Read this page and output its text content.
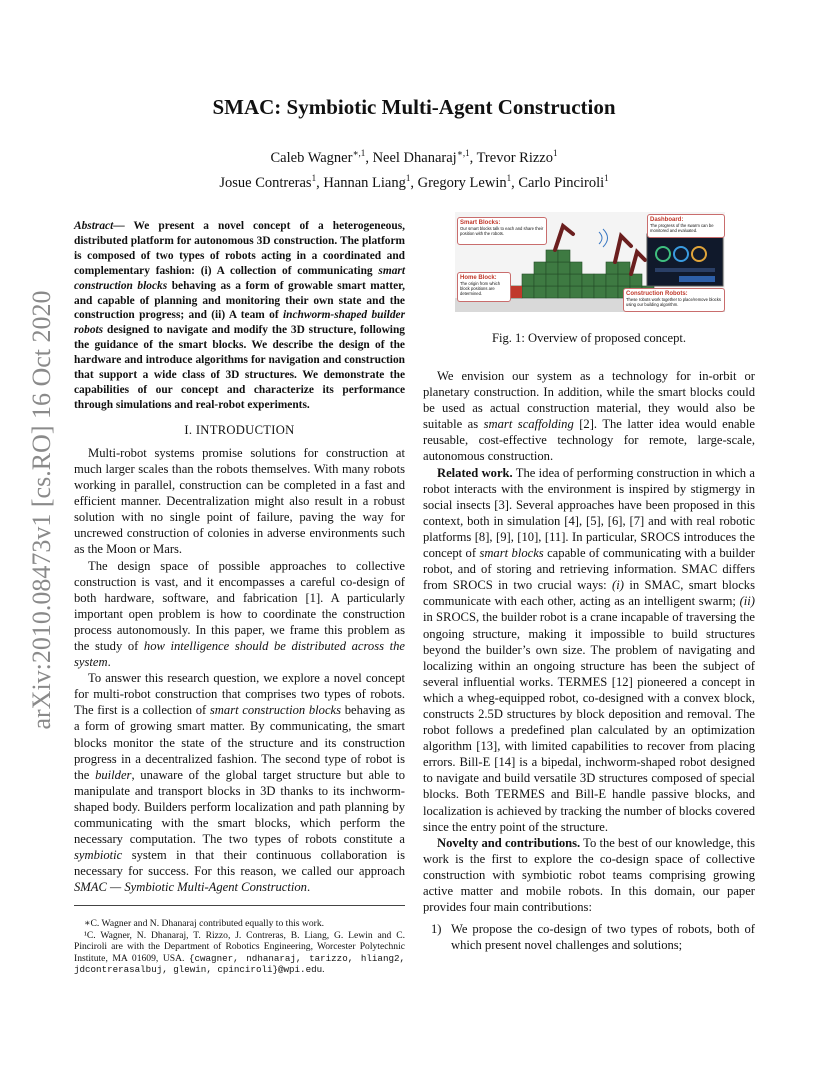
arXiv:2010.08473v1 [cs.RO] 16 Oct 2020
SMAC: Symbiotic Multi-Agent Construction
Caleb Wagner$^{∗,1}$, Neel Dhanaraj$^{∗,1}$, Trevor Rizzo$^1$
Josue Contreras$^1$, Hannan Liang$^1$, Gregory Lewin$^1$, Carlo Pinciroli$^1$
Abstract— We present a novel concept of a heterogeneous, distributed platform for autonomous 3D construction. The platform is composed of two types of robots acting in a coordinated and complementary fashion: (i) A collection of communicating smart construction blocks behaving as a form of growable smart matter, and capable of planning and monitoring their own state and the construction progress; and (ii) A team of inchworm-shaped builder robots designed to navigate and modify the 3D structure, following the guidance of the smart blocks. We describe the design of the hardware and introduce algorithms for navigation and construction that support a wide class of 3D structures. We demonstrate the capabilities of our concept and characterize its performance through simulations and real-robot experiments.
I. INTRODUCTION

Multi-robot systems promise solutions for construction at much larger scales than the robots themselves. With many robots working in parallel, construction can be completed in a fast and efficient manner. Decentralization might also result in a robust solution with no single point of failure, paving the way for uncrewed construction of colonies in adverse environments such as the Moon or Mars.

The design space of possible approaches to collective construction is vast, and it encompasses a careful co-design of both hardware, software, and fabrication [1]. A particularly important open problem is how to coordinate the construction process autonomously. In this paper, we frame this problem as the study of how intelligence should be distributed across the system.

To answer this research question, we explore a novel concept for multi-robot construction that comprises two types of robots. The first is a collection of smart construction blocks behaving as a form of growing smart matter. By communicating, the smart blocks monitor the state of the structure and its construction progress in a decentralized fashion. The second type of robot is the builder, unaware of the global target structure but able to manipulate and transport blocks in 3D thanks to its inchworm-shaped body. Builders perform localization and path planning by communicating with the smart blocks, which perform the necessary computation. The two types of robots constitute a symbiotic system in that their continuous collaboration is necessary for success. For this reason, we called our approach SMAC — Symbiotic Multi-Agent Construction.

∗C. Wagner and N. Dhanaraj contributed equally to this work.

¹C. Wagner, N. Dhanaraj, T. Rizzo, J. Contreras, B. Liang, G. Lewin and C. Pinciroli are with the Department of Robotics Engineering, Worcester Polytechnic Institute, MA 01609, USA. {cwagner, ndhanaraj, tarizzo, hliang2, jdcontrerasalbuj, glewin, cpinciroli}@wpi.edu.

Smart Blocks:
Our smart blocks talk to each and share their position with the robots.
Dashboard:
The progress of the swarm can be monitored and evaluated.
Home Block:
The origin from which block positions are determined.	Construction Robots:
These robots work together to place/remove blocks using our building algorithm.
Fig. 1: Overview of proposed concept.

We envision our system as a technology for in-orbit or planetary construction. In addition, while the smart blocks could be used as actual construction material, they would also be suitable as smart scaffolding [2]. The latter idea would enable reusable, cost-effective technology for remote, large-scale, autonomous construction.

Related work. The idea of performing construction in which a robot interacts with the environment is inspired by stigmergy in social insects [3]. Several approaches have been proposed in this context, both in simulation [4], [5], [6], [7] and with real robotic platforms [8], [9], [10], [11]. In particular, SROCS introduces the concept of smart blocks capable of communicating with a builder robot, and of storing and retrieving information. SMAC differs from SROCS in two crucial ways: (i) in SMAC, smart blocks communicate with each other, acting as an intelligent swarm; (ii) in SROCS, the builder robot is a crane incapable of traversing the ongoing structure, making it impossible to build structures beyond the builder’s own size. The problem of navigating and localizing within an ongoing structure has been the subject of several influential works. TERMES [12] pioneered a concept in which a wheg-equipped robot, co-designed with a convex block, constructs 2.5D structures by block deposition and removal. The robot follows a predefined plan calculated by an optimization algorithm [13], with limited capabilities to recover from placing errors. Bill-E [14] is a bipedal, inchworm-shaped robot designed to navigate and build versatile 3D structures composed of special blocks. Both TERMES and Bill-E handle passive blocks, and localization is achieved by tracking the number of blocks covered since the entry point of the structure.

Novelty and contributions. To the best of our knowledge, this work is the first to explore the co-design space of collective construction with symbiotic robot teams comprising growing active matter and mobile robots. In this domain, our paper provides four main contributions:

1) We propose the co-design of two types of robots, both of which present novel challenges and solutions;
